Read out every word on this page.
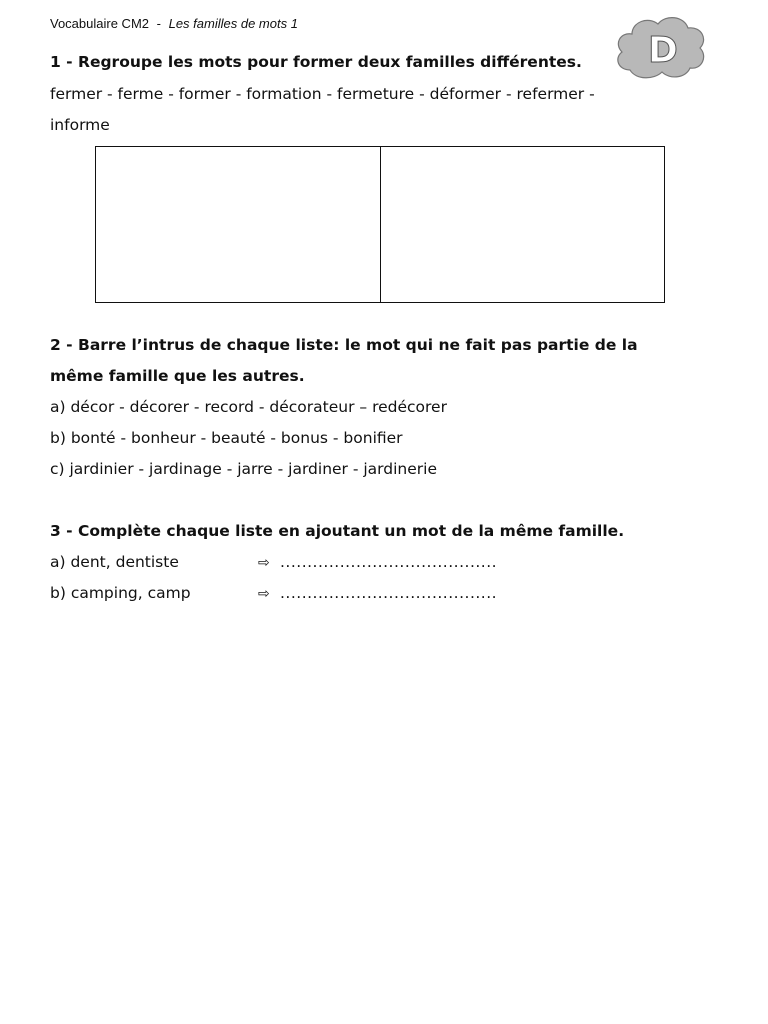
Vocabulaire CM2 - Les familles de mots 1
D
1 - Regroupe les mots pour former deux familles différentes.
fermer - ferme - former - formation - fermeture - déformer - refermer -
informe
2 - Barre l’intrus de chaque liste: le mot qui ne fait pas partie de la
même famille que les autres.
a) décor - décorer - record - décorateur – redécorer
b) bonté - bonheur - beauté - bonus - bonifier
c) jardinier - jardinage - jarre - jardiner - jardinerie
3 - Complète chaque liste en ajoutant un mot de la même famille.
a) dent, dentiste	⇨ ........................................
b) camping, camp	⇨ ........................................
